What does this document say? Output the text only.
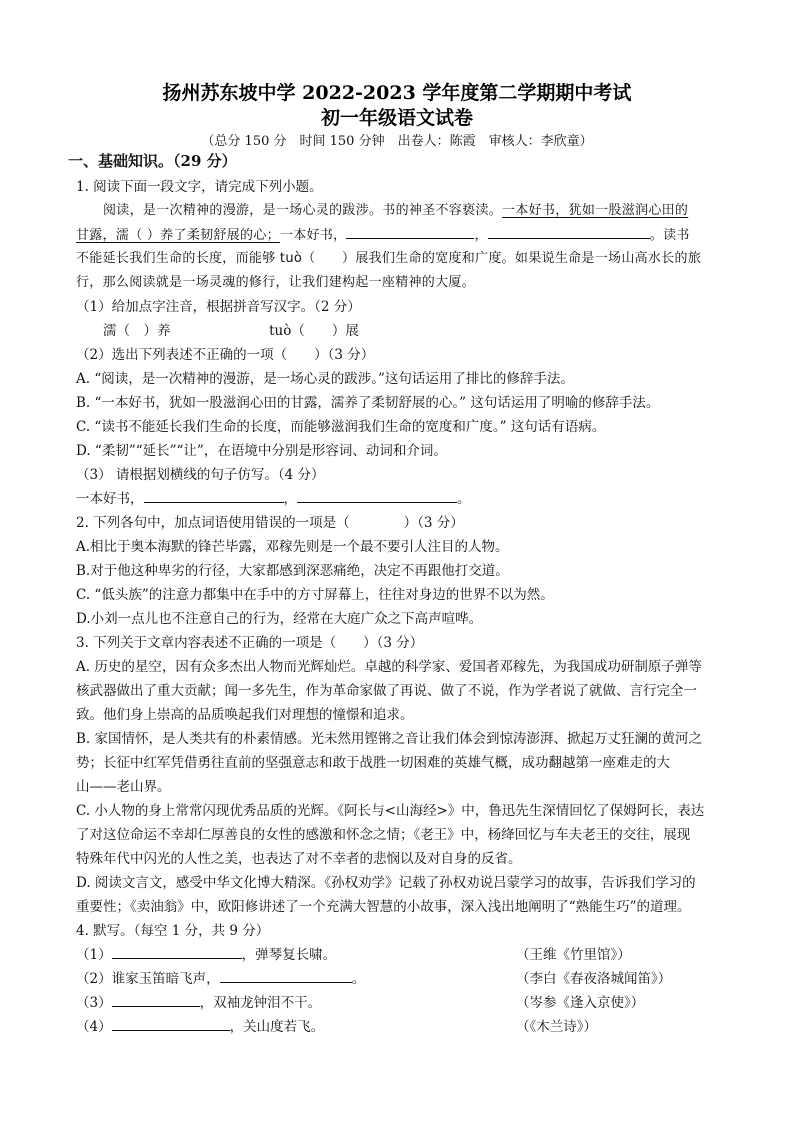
扬州苏东坡中学 2022-2023 学年度第二学期期中考试
初一年级语文试卷
（总分 150 分　时间 150 分钟　出卷人：陈霞　审核人：李欣童）
一、基础知识。（29 分）
1. 阅读下面一段文字，请完成下列小题。
阅读，是一次精神的漫游，是一场心灵的跋涉。书的神圣不容亵渎。一本好书，犹如一股滋润心田的
甘露，濡（ ）养了柔韧舒展的心；一本好书，	，	。读书
不能延长我们生命的长度，而能够 tuò（　　）展我们生命的宽度和广度。如果说生命是一场山高水长的旅
行，那么阅读就是一场灵魂的修行，让我们建构起一座精神的大厦。
（1）给加点字注音，根据拼音写汉字。（2 分）
濡（　）养	tuò（　　）展
（2）选出下列表述不正确的一项（　　）（3 分）
A. “阅读，是一次精神的漫游，是一场心灵的跋涉。”这句话运用了排比的修辞手法。
B. “一本好书，犹如一股滋润心田的甘露，濡养了柔韧舒展的心。” 这句话运用了明喻的修辞手法。
C. “读书不能延长我们生命的长度，而能够滋润我们生命的宽度和广度。” 这句话有语病。
D. “柔韧”“延长”“让”，在语境中分别是形容词、动词和介词。
（3） 请根据划横线的句子仿写。（4 分）
一本好书，	，	。
2. 下列各句中，加点词语使用错误的一项是（　　　　）（3 分）
A.相比于奥本海默的锋芒毕露，邓稼先则是一个最不要引人注目的人物。
B.对于他这种卑劣的行径，大家都感到深恶痛绝，决定不再跟他打交道。
C. “低头族”的注意力都集中在手中的方寸屏幕上，往往对身边的世界不以为然。
D.小刘一点儿也不注意自己的行为，经常在大庭广众之下高声喧哗。
3. 下列关于文章内容表述不正确的一项是（　　）（3 分）
A. 历史的星空，因有众多杰出人物而光辉灿烂。卓越的科学家、爱国者邓稼先，为我国成功研制原子弹等
核武器做出了重大贡献；闻一多先生，作为革命家做了再说、做了不说，作为学者说了就做、言行完全一
致。他们身上崇高的品质唤起我们对理想的憧憬和追求。
B. 家国情怀，是人类共有的朴素情感。光未然用铿锵之音让我们体会到惊涛澎湃、掀起万丈狂澜的黄河之
势；长征中红军凭借勇往直前的坚强意志和敢于战胜一切困难的英雄气概，成功翻越第一座难走的大
山——老山界。
C. 小人物的身上常常闪现优秀品质的光辉。《阿长与<山海经>》中，鲁迅先生深情回忆了保姆阿长，表达
了对这位命运不幸却仁厚善良的女性的感激和怀念之情；《老王》中，杨绛回忆与车夫老王的交往，展现
特殊年代中闪光的人性之美，也表达了对不幸者的悲悯以及对自身的反省。
D. 阅读文言文，感受中华文化博大精深。《孙权劝学》记载了孙权劝说吕蒙学习的故事，告诉我们学习的
重要性；《卖油翁》中，欧阳修讲述了一个充满大智慧的小故事，深入浅出地阐明了“熟能生巧”的道理。
4. 默写。（每空 1 分，共 9 分）
（1）	，弹琴复长啸。	（王维《竹里馆》）
（2）谁家玉笛暗飞声，	。	（李白《春夜洛城闻笛》）
（3）	，双袖龙钟泪不干。	（岑参《逢入京使》）
（4）	，关山度若飞。	（《木兰诗》）
